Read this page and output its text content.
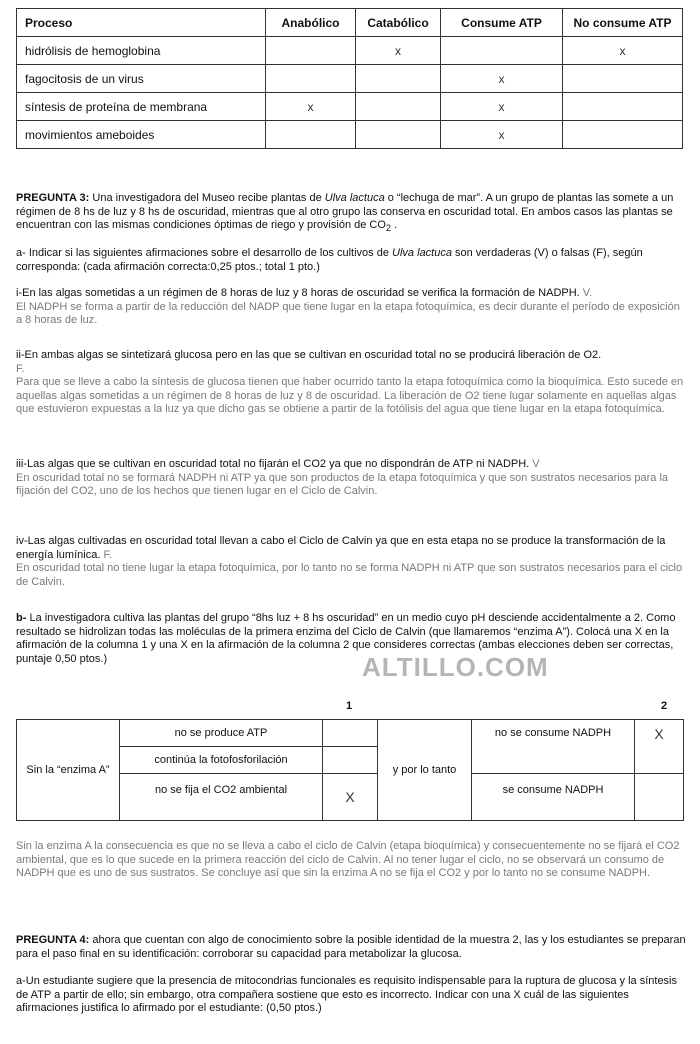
Proceso	Anabólico	Catabólico	Consume ATP	No consume ATP
hidrólisis de hemoglobina		x		x
fagocitosis de un virus			x	
síntesis de proteína de membrana	x		x	
movimientos ameboides			x	
PREGUNTA 3: Una investigadora del Museo recibe plantas de Ulva lactuca o “lechuga de mar”. A un grupo de plantas las somete a un régimen de 8 hs de luz y 8 hs de oscuridad, mientras que al otro grupo las conserva en oscuridad total. En ambos casos las plantas se encuentran con las mismas condiciones óptimas de riego y provisión de $CO_2$ .
a- Indicar si las siguientes afirmaciones sobre el desarrollo de los cultivos de Ulva lactuca son verdaderas (V) o falsas (F), según corresponda: (cada afirmación correcta:0,25 ptos.; total 1 pto.)
i-En las algas sometidas a un régimen de 8 horas de luz y 8 horas de oscuridad se verifica la formación de NADPH. V.
El NADPH se forma a partir de la reducción del NADP que tiene lugar en la etapa fotoquímica, es decir durante el período de exposición a 8 horas de luz.
ii-En ambas algas se sintetizará glucosa pero en las que se cultivan en oscuridad total no se producirá liberación de O2.
F.
Para que se lleve a cabo la síntesis de glucosa tienen que haber ocurrido tanto la etapa fotoquímica como la bioquímica. Esto sucede en aquellas algas sometidas a un régimen de 8 horas de luz y 8 de oscuridad. La liberación de O2 tiene lugar solamente en aquellas algas que estuvieron expuestas a la luz ya que dicho gas se obtiene a partir de la fotólisis del agua que tiene lugar en la etapa fotoquímica.
iii-Las algas que se cultivan en oscuridad total no fijarán el CO2 ya que no dispondrán de ATP ni NADPH. V
En oscuridad total no se formará NADPH ni ATP ya que son productos de la etapa fotoquímica y que son sustratos necesarios para la fijación del CO2, uno de los hechos que tienen lugar en el Ciclo de Calvin.
iv-Las algas cultivadas en oscuridad total llevan a cabo el Ciclo de Calvin ya que en esta etapa no se produce la transformación de la energía lumínica. F.
En oscuridad total no tiene lugar la etapa fotoquímica, por lo tanto no se forma NADPH ni ATP que son sustratos necesarios para el ciclo de Calvin.
b- La investigadora cultiva las plantas del grupo “8hs luz + 8 hs oscuridad” en un medio cuyo pH desciende accidentalmente a 2. Como resultado se hidrolizan todas las moléculas de la primera enzima del Ciclo de Calvin (que llamaremos “enzima A”). Colocá una X en la afirmación de la columna 1 y una X en la afirmación de la columna 2 que consideres correctas (ambas elecciones deben ser correctas, puntaje 0,50 ptos.)	ALTILLO.COM
1	2
Sin la “enzima A”	no se produce ATP		y por lo tanto	no se consume NADPH	X
	continúa la fotofosforilación				
	no se fija el CO2 ambiental	X		se consume NADPH	
Sin la enzima A la consecuencia es que no se lleva a cabo el ciclo de Calvin (etapa bioquímica) y consecuentemente no se fijará el CO2 ambiental, que es lo que sucede en la primera reacción del ciclo de Calvin. Al no tener lugar el ciclo, no se observará un consumo de NADPH que es uno de sus sustratos. Se concluye así que sin la enzima A no se fija el CO2 y por lo tanto no se consume NADPH.
PREGUNTA 4: ahora que cuentan con algo de conocimiento sobre la posible identidad de la muestra 2, las y los estudiantes se preparan para el paso final en su identificación: corroborar su capacidad para metabolizar la glucosa.
a-Un estudiante sugiere que la presencia de mitocondrias funcionales es requisito indispensable para la ruptura de glucosa y la síntesis de ATP a partir de ello; sin embargo, otra compañera sostiene que esto es incorrecto. Indicar con una X cuál de las siguientes afirmaciones justifica lo afirmado por el estudiante: (0,50 ptos.)
